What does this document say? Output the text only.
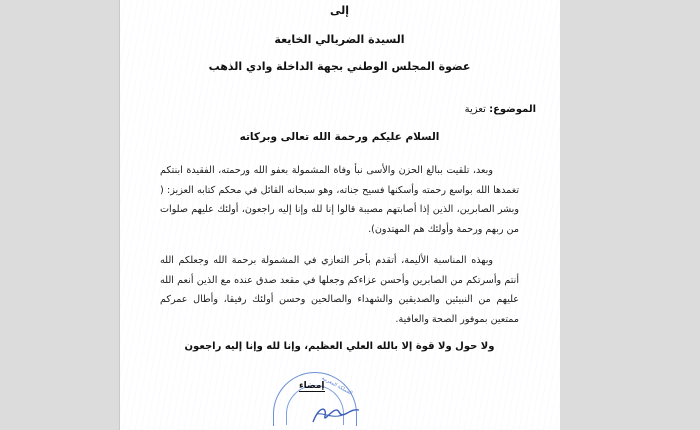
إلى
السيدة الضريالي الخايعة
عضوة المجلس الوطني بجهة الداخلة وادي الذهب
الموضوع: تعزية
السلام عليكم ورحمة الله تعالى وبركاته
وبعد، تلقيت ببالغ الحزن والأسى نبأ وفاة المشمولة بعفو الله ورحمته، الفقيدة ابنتكم تغمدها الله بواسع رحمته وأسكنها فسيح جناته، وهو سبحانه القائل في محكم كتابه العزيز: ( وبشر الصابرين، الذين إذا أصابتهم مصيبة قالوا إنا لله وإنا إليه راجعون، أولئك عليهم صلوات من ربهم ورحمة وأولئك هم المهتدون).
وبهذه المناسبة الأليمة، أتقدم بأحر التعازي في المشمولة برحمة الله وجعلكم الله أنتم وأسرتكم من الصابرين وأحسن عزاءكم وجعلها في مقعد صدق عنده مع الذين أنعم الله عليهم من النبيئين والصديقين والشهداء والصالحين وحسن أولئك رفيقا، وأطال عمركم ممتعين بموفور الصحة والعافية.
ولا حول ولا قوة إلا بالله العلي العظيم، وإنا لله وإنا إليه راجعون
المملكة المغربية
إمضاء
